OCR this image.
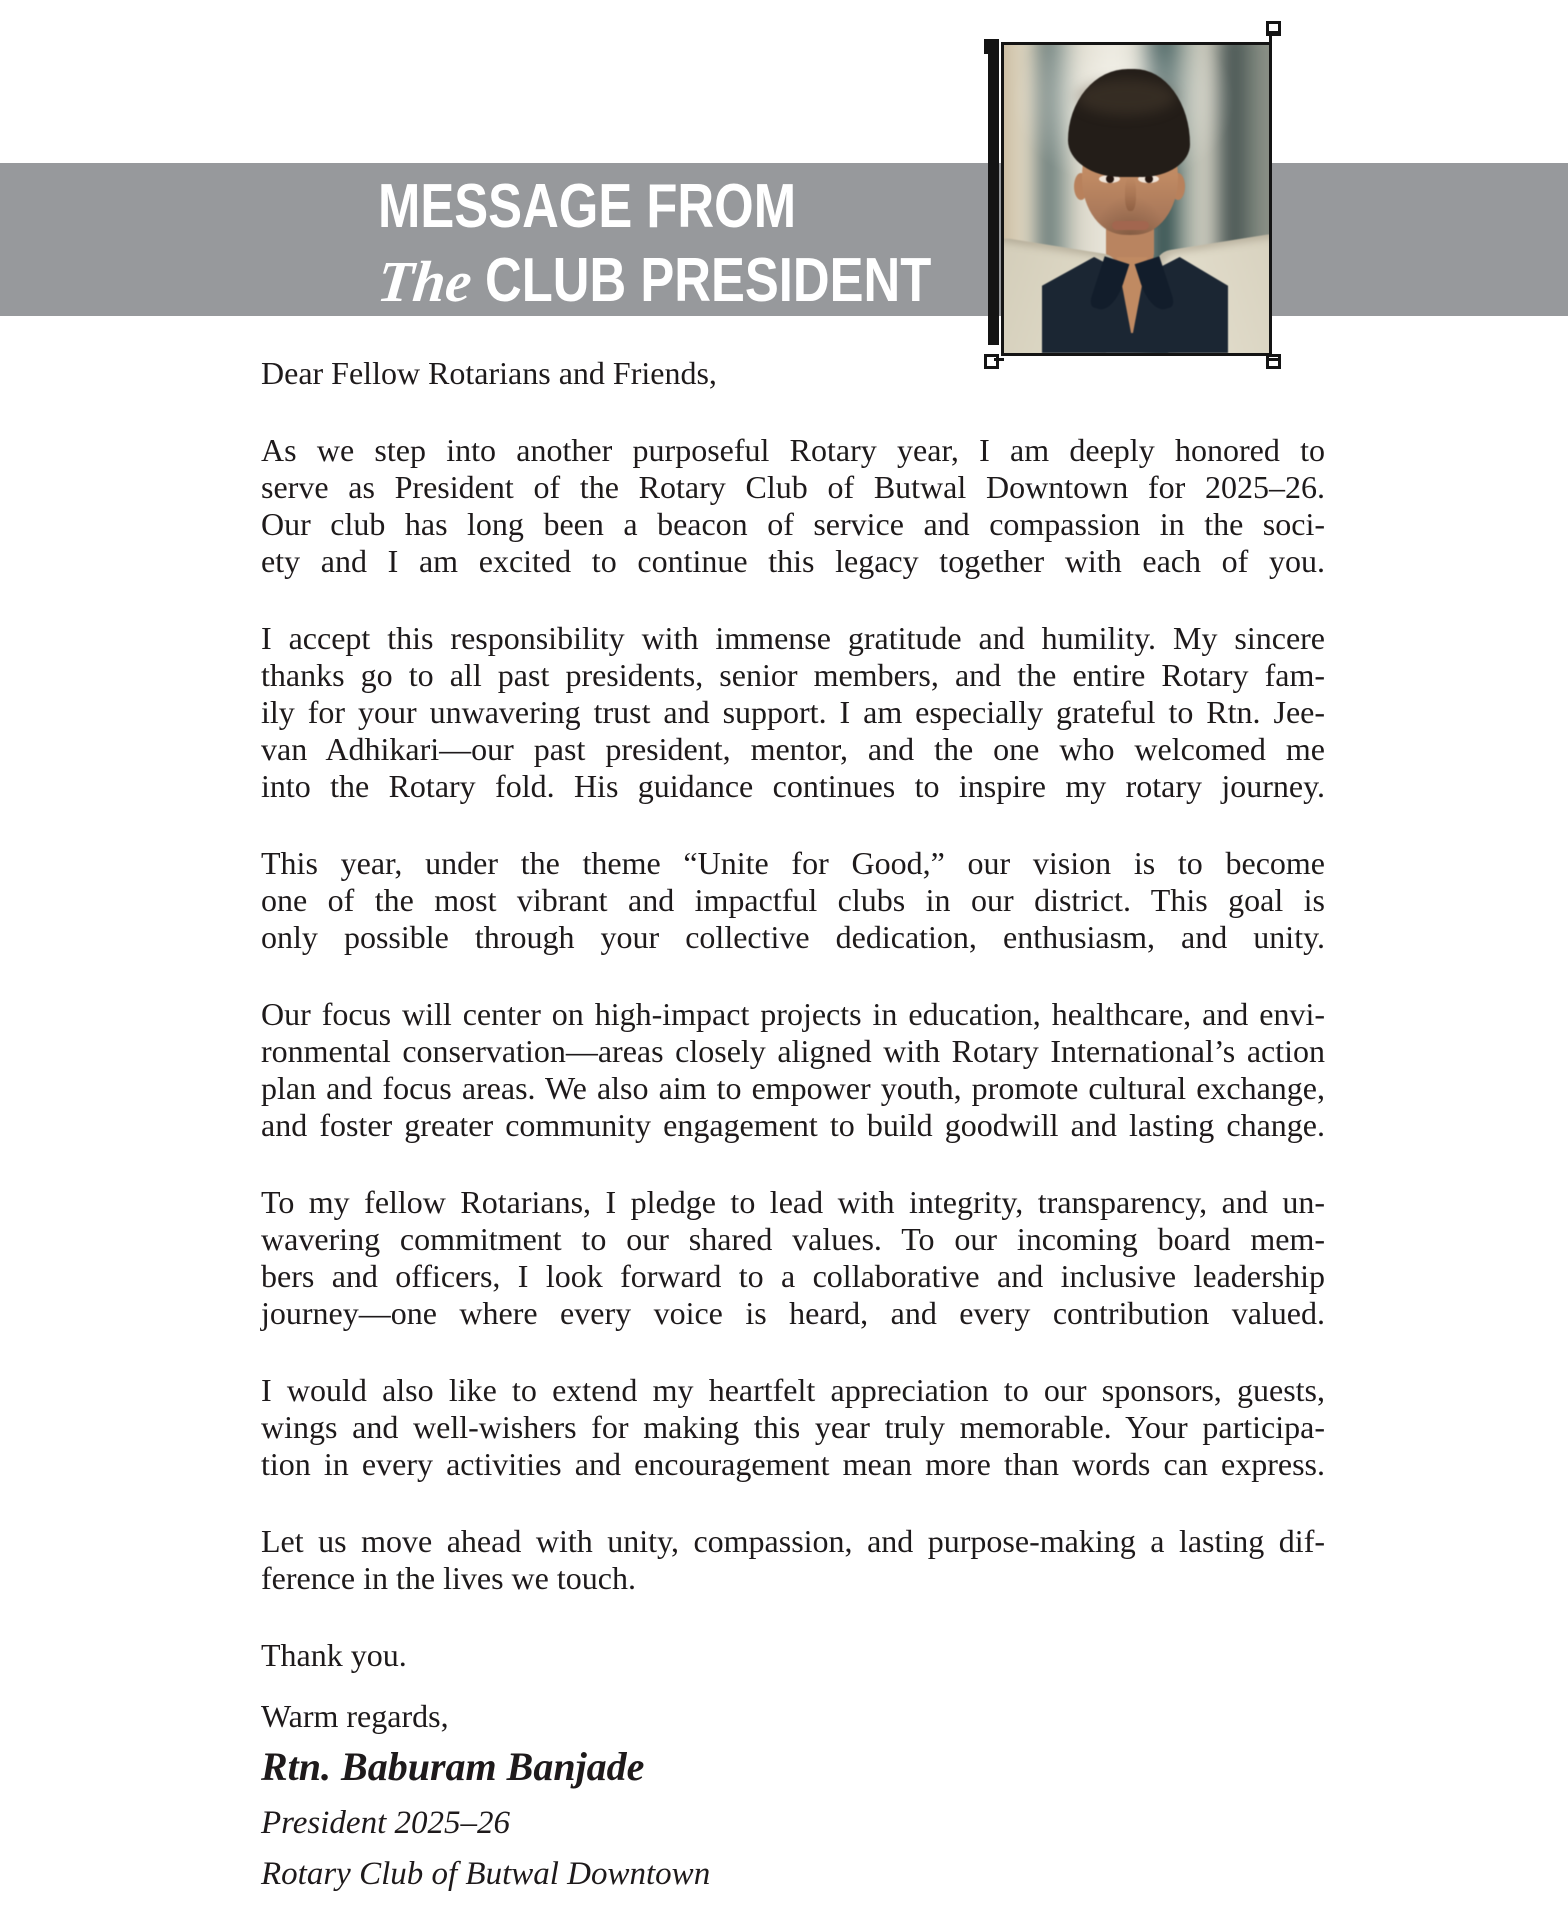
MESSAGE FROM
The CLUB PRESIDENT
Dear Fellow Rotarians and Friends,
As we step into another purposeful Rotary year, I am deeply honored to
serve as President of the Rotary Club of Butwal Downtown for 2025–26.
Our club has long been a beacon of service and compassion in the soci-
ety and I am excited to continue this legacy together with each of you.
I accept this responsibility with immense gratitude and humility. My sincere
thanks go to all past presidents, senior members, and the entire Rotary fam-
ily for your unwavering trust and support. I am especially grateful to Rtn. Jee-
van Adhikari—our past president, mentor, and the one who welcomed me
into the Rotary fold. His guidance continues to inspire my rotary journey.
This year, under the theme “Unite for Good,” our vision is to become
one of the most vibrant and impactful clubs in our district. This goal is
only possible through your collective dedication, enthusiasm, and unity.
Our focus will center on high-impact projects in education, healthcare, and envi-
ronmental conservation—areas closely aligned with Rotary International’s action
plan and focus areas. We also aim to empower youth, promote cultural exchange,
and foster greater community engagement to build goodwill and lasting change.
To my fellow Rotarians, I pledge to lead with integrity, transparency, and un-
wavering commitment to our shared values. To our incoming board mem-
bers and officers, I look forward to a collaborative and inclusive leadership
journey—one where every voice is heard, and every contribution valued.
I would also like to extend my heartfelt appreciation to our sponsors, guests,
wings and well-wishers for making this year truly memorable. Your participa-
tion in every activities and encouragement mean more than words can express.
Let us move ahead with unity, compassion, and purpose-making a lasting dif-
ference in the lives we touch.
Thank you.
Warm regards,
Rtn. Baburam Banjade
President 2025–26
Rotary Club of Butwal Downtown
